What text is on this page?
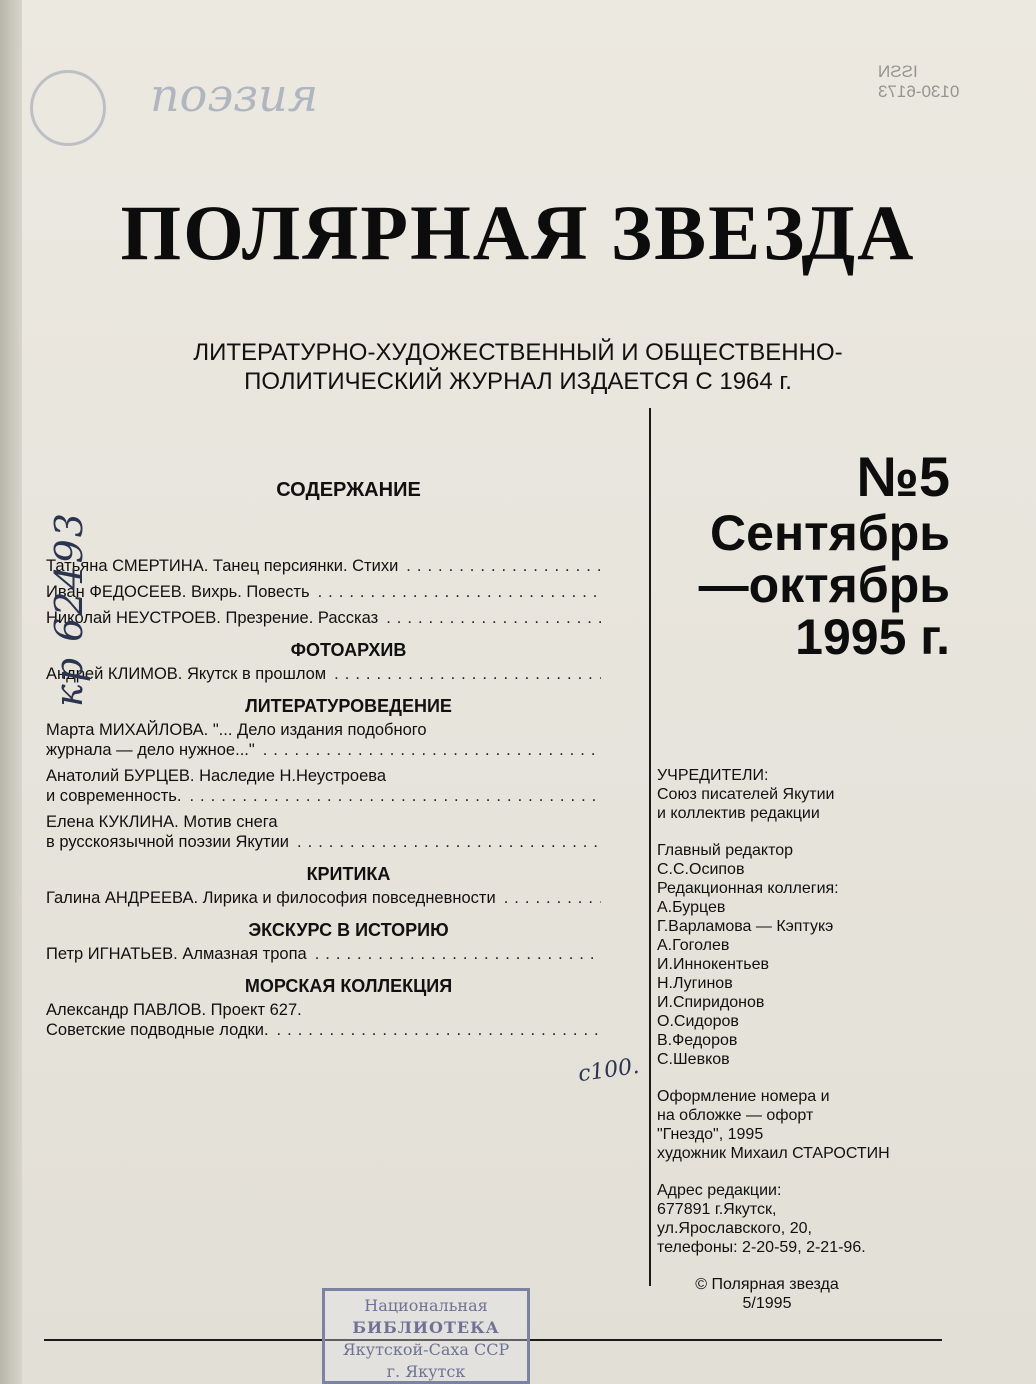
поэзия	ISSN
0130-6173
ПОЛЯРНАЯ ЗВЕЗДА
ЛИТЕРАТУРНО-ХУДОЖЕСТВЕННЫЙ И ОБЩЕСТВЕННО-
ПОЛИТИЧЕСКИЙ ЖУРНАЛ ИЗДАЕТСЯ С 1964 г.
№5
Сентябрь
—октябрь
1995 г.
СОДЕРЖАНИЕ
Татьяна СМЕРТИНА. Танец персиянки. Стихи
.....
Иван ФЕДОСЕЕВ. Вихрь. Повесть
.....
Николай НЕУСТРОЕВ. Презрение. Рассказ
.....
ФОТОАРХИВ
Андрей КЛИМОВ. Якутск в прошлом
.....
ЛИТЕРАТУРОВЕДЕНИЕ
Марта МИХАЙЛОВА. "... Дело издания подобного
журнала — дело нужное..."
.....
Анатолий БУРЦЕВ. Наследие Н.Неустроева
и современность.
.....
Елена КУКЛИНА. Мотив снега
в русскоязычной поэзии Якутии
.....
КРИТИКА
Галина АНДРЕЕВА. Лирика и философия повседневности
.....
ЭКСКУРС В ИСТОРИЮ
Петр ИГНАТЬЕВ. Алмазная тропа
.....
МОРСКАЯ КОЛЛЕКЦИЯ
Александр ПАВЛОВ. Проект 627.
Советские подводные лодки.
.....
УЧРЕДИТЕЛИ:
Союз писателей Якутии
и коллектив редакции
Главный редактор
С.С.Осипов
Редакционная коллегия:
А.Бурцев
Г.Варламова — Кэптукэ
А.Гоголев
И.Иннокентьев
Н.Лугинов
И.Спиридонов
О.Сидоров
В.Федоров
С.Шевков
Оформление номера и
на обложке — офорт
"Гнездо", 1995
художник Михаил СТАРОСТИН
Адрес редакции:
677891 г.Якутск,
ул.Ярославского, 20,
телефоны: 2-20-59, 2-21-96.
© Полярная звезда
5/1995
кр 62493
с100.
Национальная
БИБЛИОТЕКА
Якутской-Саха ССР
г. Якутск
